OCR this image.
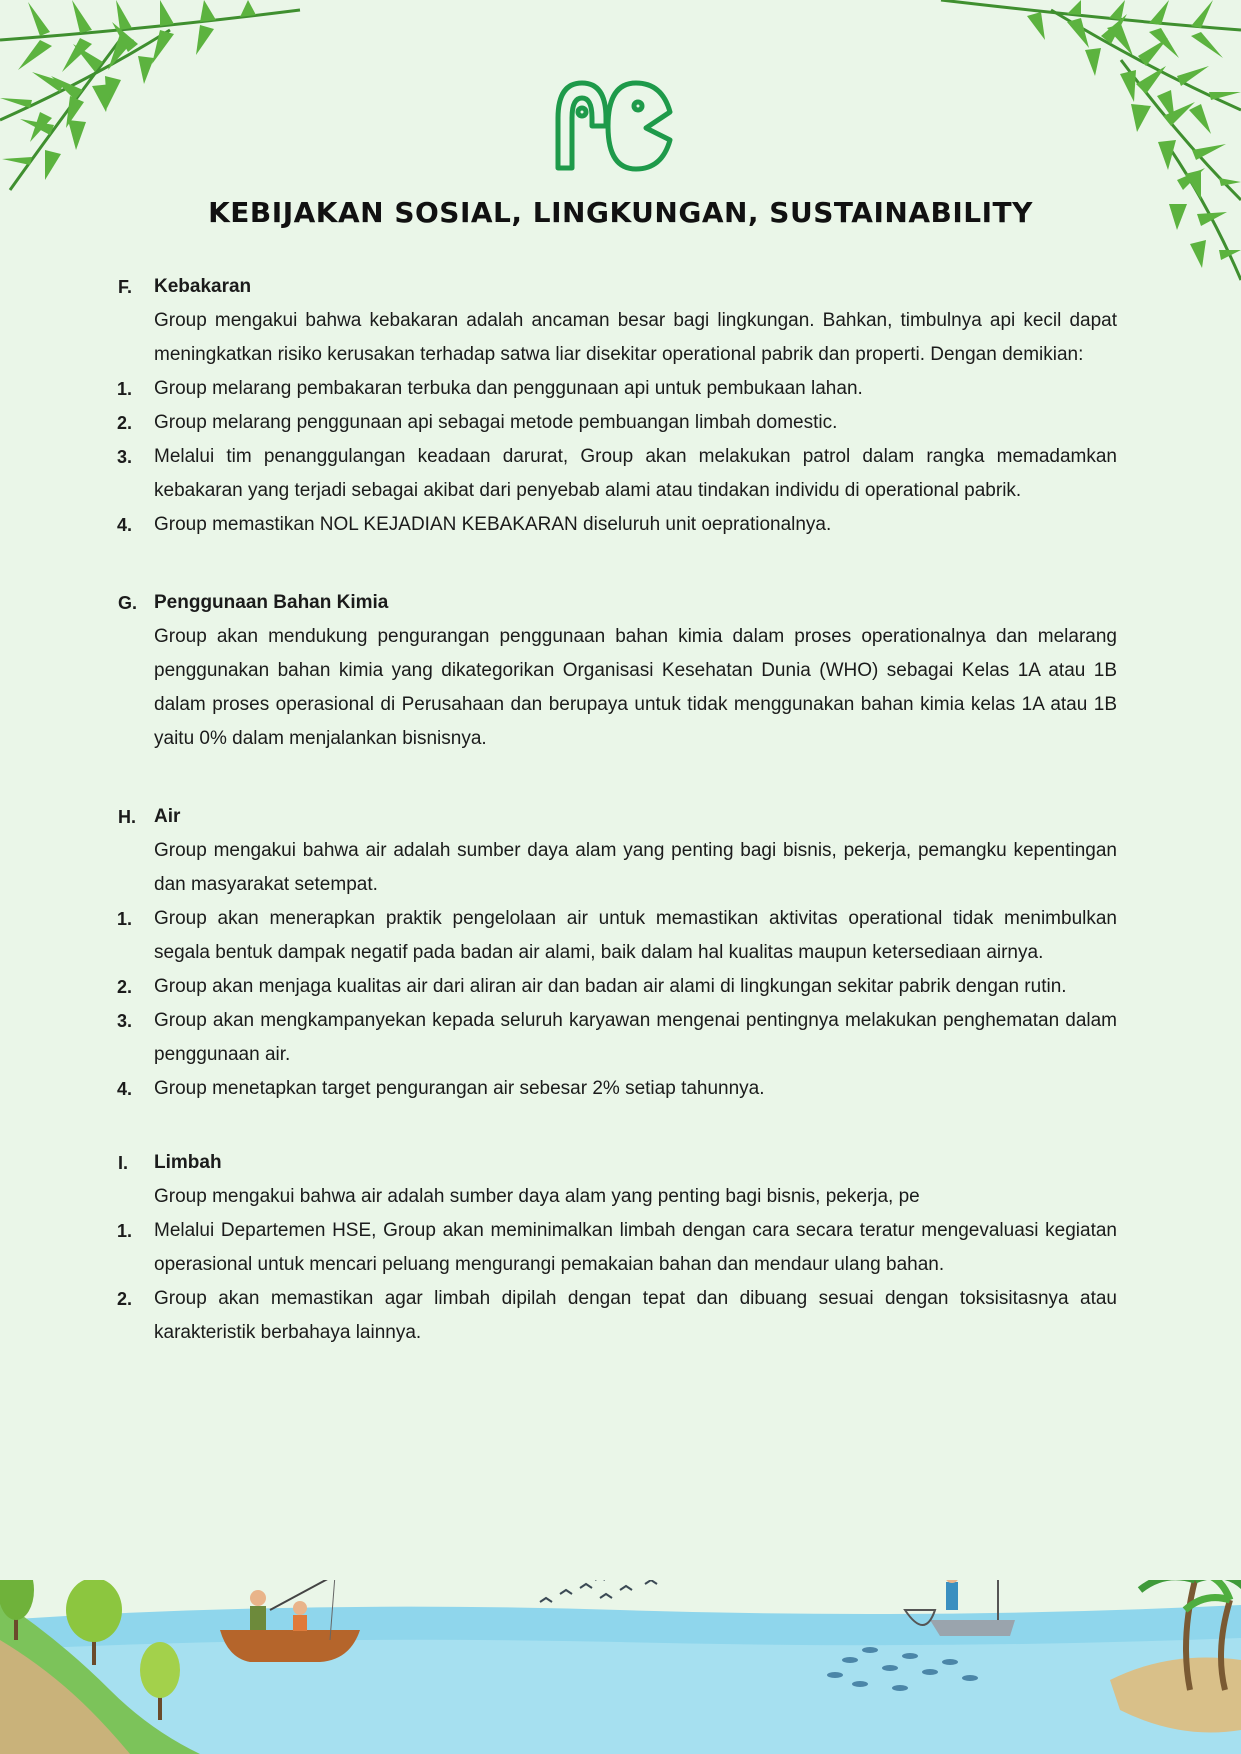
KEBIJAKAN SOSIAL, LINGKUNGAN, SUSTAINABILITY
F. Kebakaran
Group mengakui bahwa kebakaran adalah ancaman besar bagi lingkungan. Bahkan, timbulnya api kecil dapat meningkatkan risiko kerusakan terhadap satwa liar disekitar operational pabrik dan properti. Dengan demikian:
1. Group melarang pembakaran terbuka dan penggunaan api untuk pembukaan lahan.
2. Group melarang penggunaan api sebagai metode pembuangan limbah domestic.
3. Melalui tim penanggulangan keadaan darurat, Group akan melakukan patrol dalam rangka memadamkan kebakaran yang terjadi sebagai akibat dari penyebab alami atau tindakan individu di operational pabrik.
4. Group memastikan NOL KEJADIAN KEBAKARAN diseluruh unit oeprationalnya.
G. Penggunaan Bahan Kimia
Group akan mendukung pengurangan penggunaan bahan kimia dalam proses operationalnya dan melarang penggunakan bahan kimia yang dikategorikan Organisasi Kesehatan Dunia (WHO) sebagai Kelas 1A atau 1B dalam proses operasional di Perusahaan dan berupaya untuk tidak menggunakan bahan kimia kelas 1A atau 1B yaitu 0% dalam menjalankan bisnisnya.
H. Air
Group mengakui bahwa air adalah sumber daya alam yang penting bagi bisnis, pekerja, pemangku kepentingan dan masyarakat setempat.
1. Group akan menerapkan praktik pengelolaan air untuk memastikan aktivitas operational tidak menimbulkan segala bentuk dampak negatif pada badan air alami, baik dalam hal kualitas maupun ketersediaan airnya.
2. Group akan menjaga kualitas air dari aliran air dan badan air alami di lingkungan sekitar pabrik dengan rutin.
3. Group akan mengkampanyekan kepada seluruh karyawan mengenai pentingnya melakukan penghematan dalam penggunaan air.
4. Group menetapkan target pengurangan air sebesar 2% setiap tahunnya.
I. Limbah
Group mengakui bahwa air adalah sumber daya alam yang penting bagi bisnis, pekerja, pe
1. Melalui Departemen HSE, Group akan meminimalkan limbah dengan cara secara teratur mengevaluasi kegiatan operasional untuk mencari peluang mengurangi pemakaian bahan dan mendaur ulang bahan.
2. Group akan memastikan agar limbah dipilah dengan tepat dan dibuang sesuai dengan toksisitasnya atau karakteristik berbahaya lainnya.
